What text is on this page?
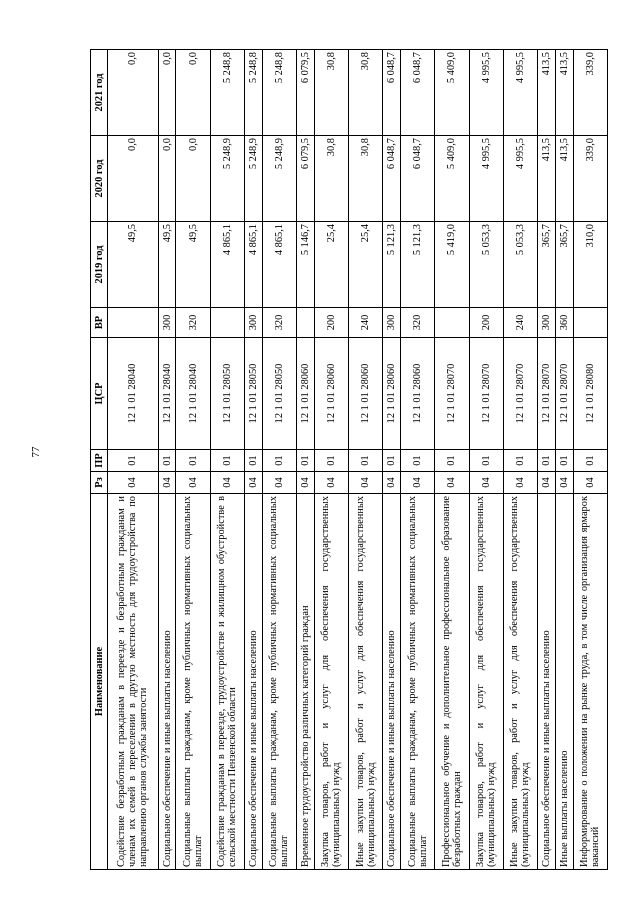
77
Наименование	Рз	ПР	ЦСР	ВР	2019 год	2020 год	2021 год
Содействие безработным гражданам в переезде и безработным гражданам и членам их семей в переселении в другую местность для трудоустройства по направлению органов службы занятости	04	01	12 1 01 28040		49,5	0,0	0,0
Социальное обеспечение и иные выплаты населению	04	01	12 1 01 28040	300	49,5	0,0	0,0
Социальные выплаты гражданам, кроме публичных нормативных социальных выплат	04	01	12 1 01 28040	320	49,5	0,0	0,0
Содействие гражданам в переезде, трудоустройстве и жилищном обустройстве в сельской местности Пензенской области	04	01	12 1 01 28050		4 865,1	5 248,9	5 248,8
Социальное обеспечение и иные выплаты населению	04	01	12 1 01 28050	300	4 865,1	5 248,9	5 248,8
Социальные выплаты гражданам, кроме публичных нормативных социальных выплат	04	01	12 1 01 28050	320	4 865,1	5 248,9	5 248,8
Временное трудоустройство различных категорий граждан	04	01	12 1 01 28060		5 146,7	6 079,5	6 079,5
Закупка товаров, работ и услуг для обеспечения государственных (муниципальных) нужд	04	01	12 1 01 28060	200	25,4	30,8	30,8
Иные закупки товаров, работ и услуг для обеспечения государственных (муниципальных) нужд	04	01	12 1 01 28060	240	25,4	30,8	30,8
Социальное обеспечение и иные выплаты населению	04	01	12 1 01 28060	300	5 121,3	6 048,7	6 048,7
Социальные выплаты гражданам, кроме публичных нормативных социальных выплат	04	01	12 1 01 28060	320	5 121,3	6 048,7	6 048,7
Профессиональное обучение и дополнительное профессиональное образование безработных граждан	04	01	12 1 01 28070		5 419,0	5 409,0	5 409,0
Закупка товаров, работ и услуг для обеспечения государственных (муниципальных) нужд	04	01	12 1 01 28070	200	5 053,3	4 995,5	4 995,5
Иные закупки товаров, работ и услуг для обеспечения государственных (муниципальных) нужд	04	01	12 1 01 28070	240	5 053,3	4 995,5	4 995,5
Социальное обеспечение и иные выплаты населению	04	01	12 1 01 28070	300	365,7	413,5	413,5
Иные выплаты населению	04	01	12 1 01 28070	360	365,7	413,5	413,5
Информирование о положении на рынке труда, в том числе организация ярмарок вакансий	04	01	12 1 01 28080		310,0	339,0	339,0
